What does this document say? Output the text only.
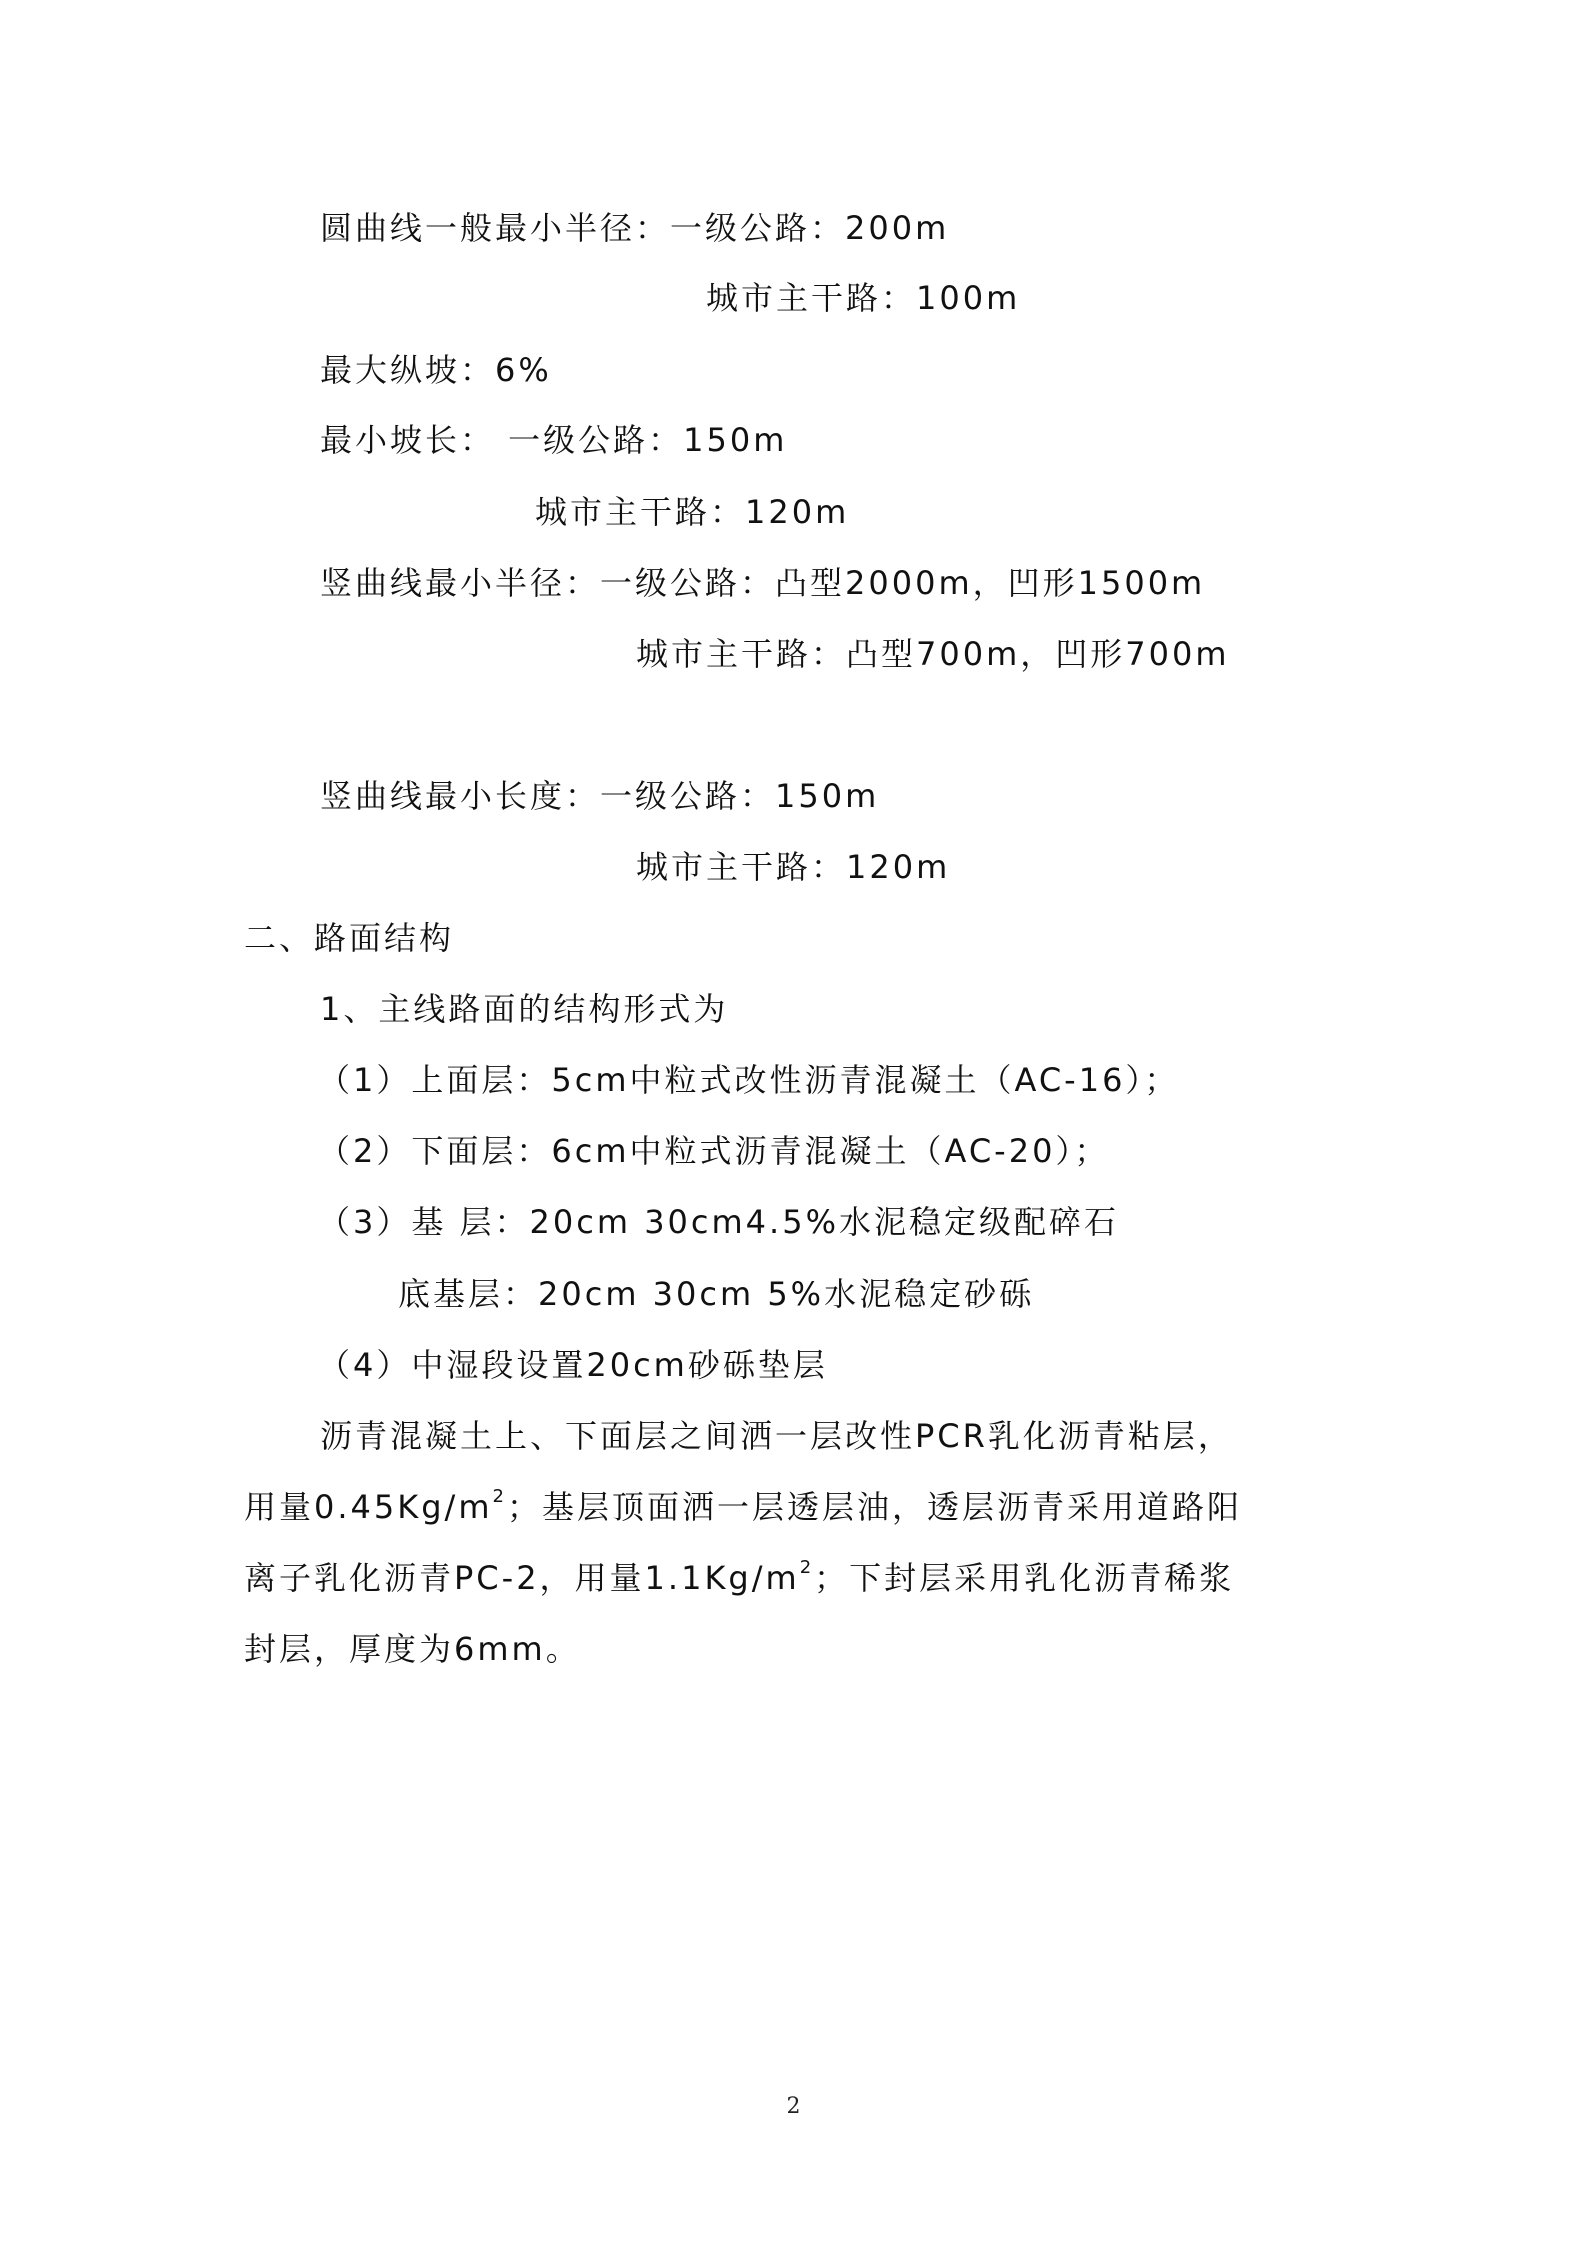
圆曲线一般最小半径：一级公路：200m
城市主干路：100m
最大纵坡：6%
最小坡长： 一级公路：150m
城市主干路：120m
竖曲线最小半径：一级公路：凸型2000m，凹形1500m
城市主干路：凸型700m，凹形700m
竖曲线最小长度：一级公路：150m
城市主干路：120m
二、路面结构
1、主线路面的结构形式为
（1）上面层：5cm中粒式改性沥青混凝土（AC-16）；
（2）下面层：6cm中粒式沥青混凝土（AC-20）；
（3）基 层：20cm 30cm4.5%水泥稳定级配碎石
底基层：20cm 30cm 5%水泥稳定砂砾
（4）中湿段设置20cm砂砾垫层
沥青混凝土上、下面层之间洒一层改性PCR乳化沥青粘层，
用量$0.45Kg/m^2$；基层顶面洒一层透层油，透层沥青采用道路阳
离子乳化沥青PC-2，用量$1.1Kg/m^2$；下封层采用乳化沥青稀浆
封层，厚度为6mm。
2
